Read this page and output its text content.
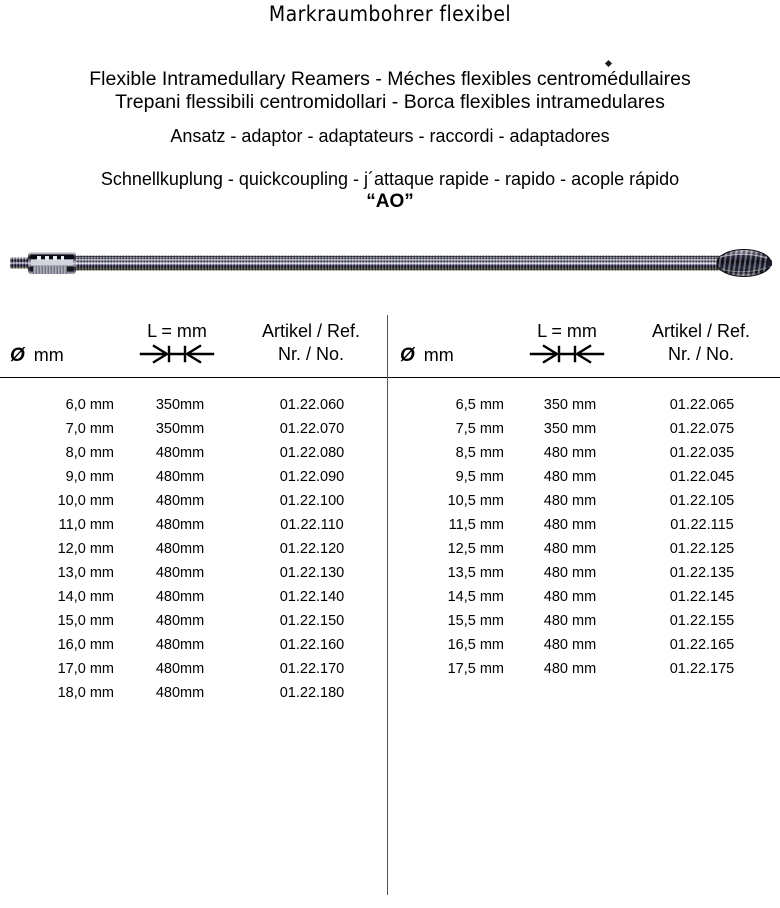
Markraumbohrer flexibel
Flexible Intramedullary Reamers - Méches flexibles centromédullaires
Trepani flessibili centromidollari - Borca flexibles intramedulares
Ansatz - adaptor - adaptateurs - raccordi - adaptadores
Schnellkuplung - quickcoupling - j´attaque rapide - rapido - acople rápido
“AO”
Ø mm
L = mm	Artikel / Ref.
Nr. / No.
6,0 mm	350mm	01.22.060
7,0 mm	350mm	01.22.070
8,0 mm	480mm	01.22.080
9,0 mm	480mm	01.22.090
10,0 mm	480mm	01.22.100
11,0 mm	480mm	01.22.110
12,0 mm	480mm	01.22.120
13,0 mm	480mm	01.22.130
14,0 mm	480mm	01.22.140
15,0 mm	480mm	01.22.150
16,0 mm	480mm	01.22.160
17,0 mm	480mm	01.22.170
18,0 mm	480mm	01.22.180
Ø mm
L = mm	Artikel / Ref.
Nr. / No.
6,5 mm	350 mm	01.22.065
7,5 mm	350 mm	01.22.075
8,5 mm	480 mm	01.22.035
9,5 mm	480 mm	01.22.045
10,5 mm	480 mm	01.22.105
11,5 mm	480 mm	01.22.115
12,5 mm	480 mm	01.22.125
13,5 mm	480 mm	01.22.135
14,5 mm	480 mm	01.22.145
15,5 mm	480 mm	01.22.155
16,5 mm	480 mm	01.22.165
17,5 mm	480 mm	01.22.175
